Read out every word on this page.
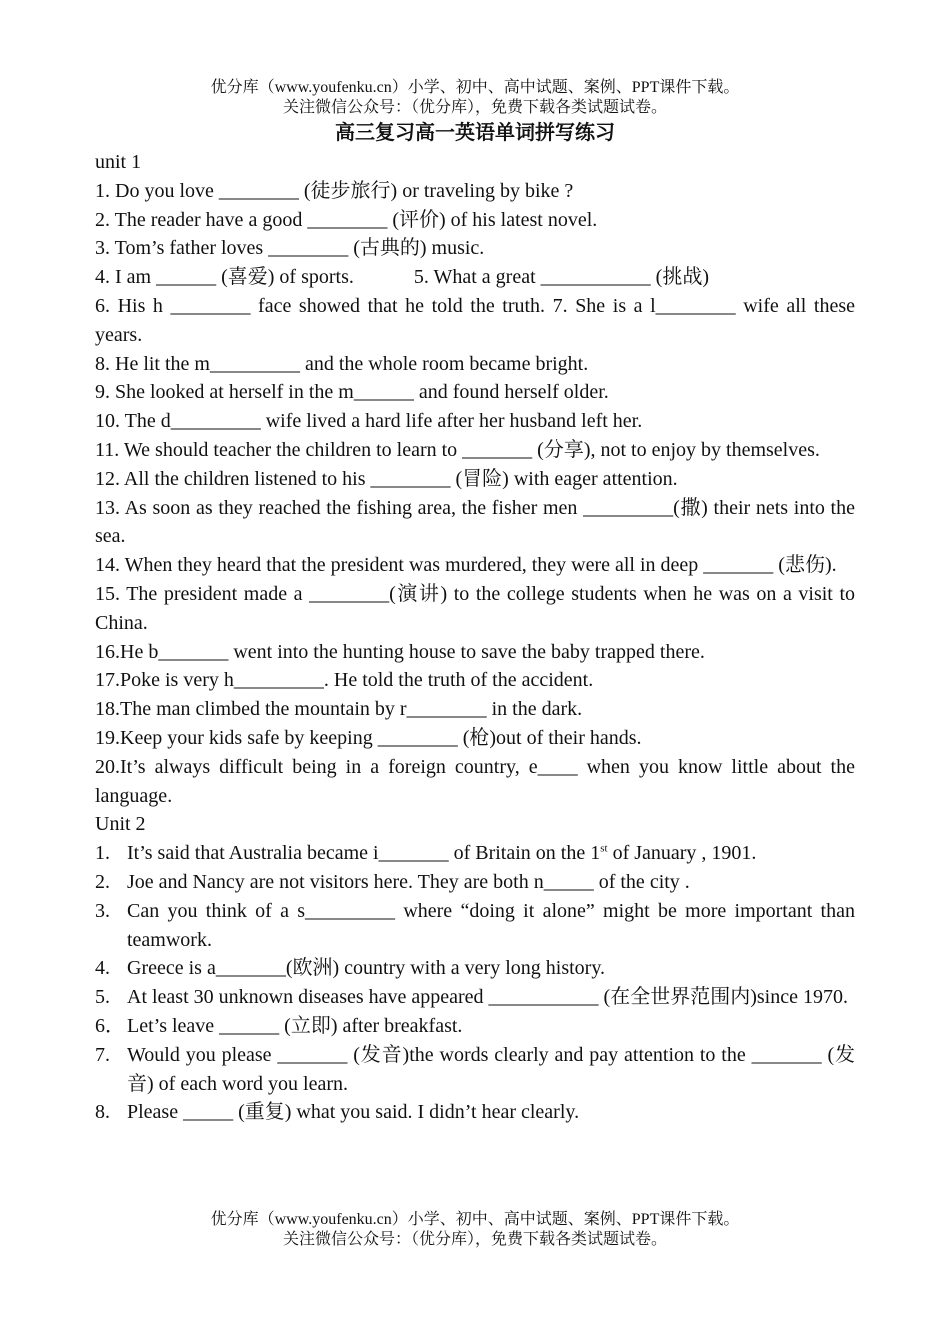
优分库（www.youfenku.cn）小学、初中、高中试题、案例、PPT课件下载。
关注微信公众号：（优分库），免费下载各类试题试卷。
高三复习高一英语单词拼写练习

unit 1

1. Do you love ________ (徒步旅行) or traveling by bike ?

2. The reader have a good ________ (评价) of his latest novel.

3. Tom’s father loves ________ (古典的) music.

4. I am ______ (喜爱) of sports.	5. What a great ___________ (挑战)

6. His h ________ face showed that he told the truth. 7. She is a l________ wife all these years.

8. He lit the m_________ and the whole room became bright.

9. She looked at herself in the m______ and found herself older.

10. The d_________ wife lived a hard life after her husband left her.

11. We should teacher the children to learn to _______ (分享), not to enjoy by themselves.

12. All the children listened to his ________ (冒险) with eager attention.

13. As soon as they reached the fishing area, the fisher men _________(撒) their nets into the sea.

14. When they heard that the president was murdered, they were all in deep _______ (悲伤).

15. The president made a ________(演讲) to the college students when he was on a visit to China.

16.He b_______ went into the hunting house to save the baby trapped there.

17.Poke is very h_________. He told the truth of the accident.

18.The man climbed the mountain by r________ in the dark.

19.Keep your kids safe by keeping ________ (枪)out of their hands.

20.It’s always difficult being in a foreign country, e____ when you know little about the language.

Unit 2

1. It’s said that Australia became i_______ of Britain on the 1st of January , 1901.
2. Joe and Nancy are not visitors here. They are both n_____ of the city .
3. Can you think of a s_________ where “doing it alone” might be more important than teamwork.
4. Greece is a_______(欧洲) country with a very long history.
5. At least 30 unknown diseases have appeared ___________ (在全世界范围内)since 1970.
6． Let’s leave ______ (立即) after breakfast.
7. Would you please _______ (发音)the words clearly and pay attention to the _______ (发音) of each word you learn.
8. Please _____ (重复) what you said. I didn’t hear clearly.
优分库（www.youfenku.cn）小学、初中、高中试题、案例、PPT课件下载。
关注微信公众号：（优分库），免费下载各类试题试卷。
